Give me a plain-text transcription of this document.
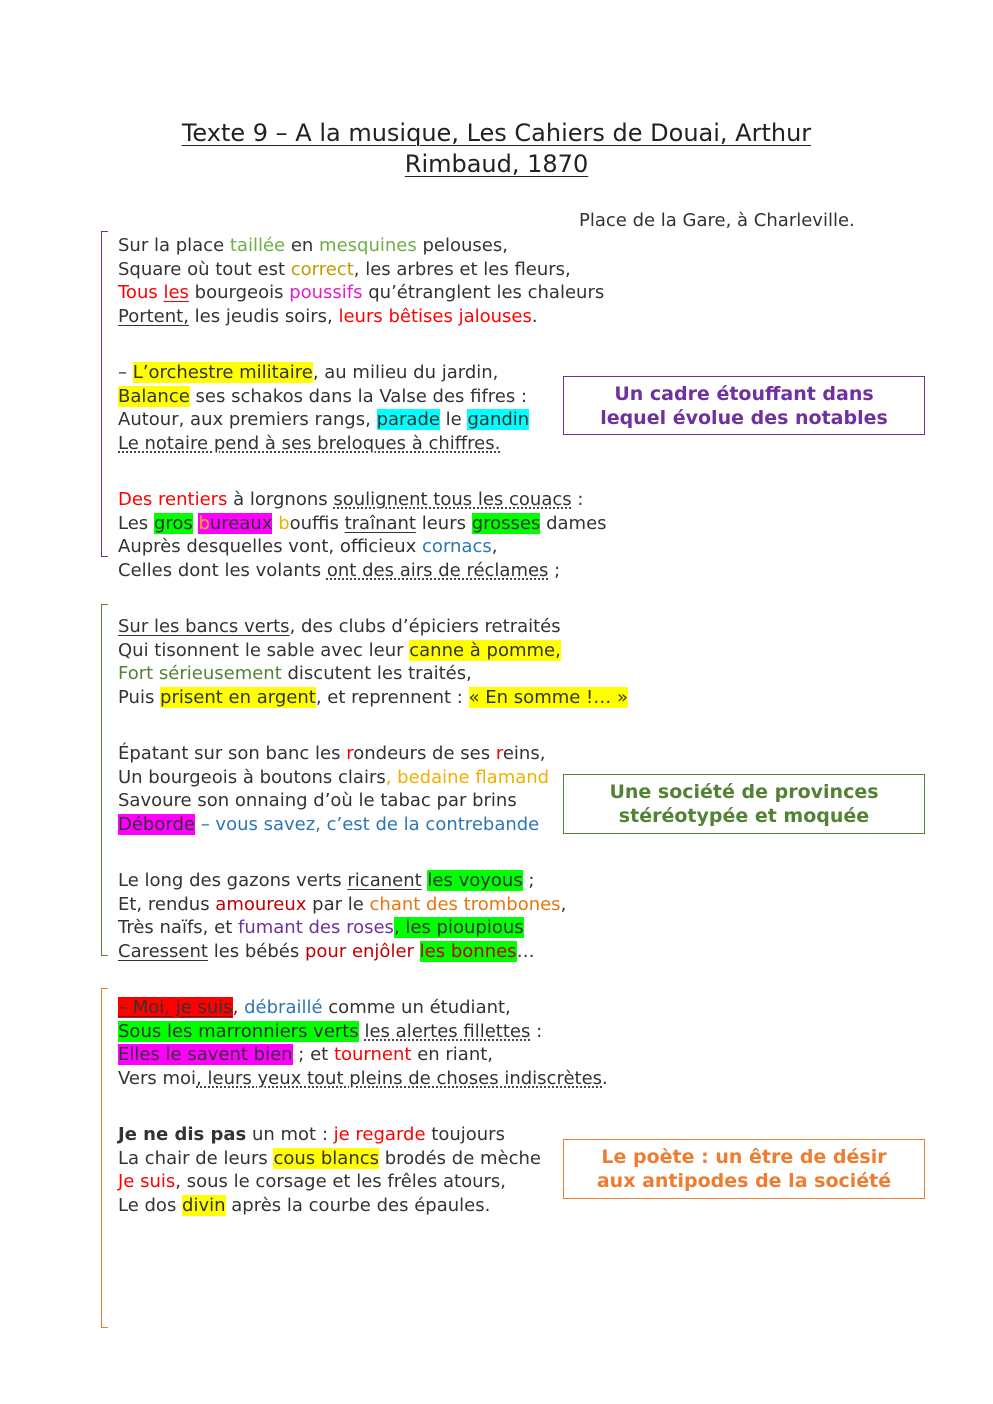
Texte 9 – A la musique, Les Cahiers de Douai, Arthur
Rimbaud, 1870
Place de la Gare, à Charleville.
Sur la place taillée en mesquines pelouses,
Square où tout est correct, les arbres et les fleurs,
Tous les bourgeois poussifs qu’étranglent les chaleurs
Portent, les jeudis soirs, leurs bêtises jalouses.
– L’orchestre militaire, au milieu du jardin,
Balance ses schakos dans la Valse des fifres :
Autour, aux premiers rangs, parade le gandin
Le notaire pend à ses breloques à chiffres.
Des rentiers à lorgnons soulignent tous les couacs :
Les gros bureaux bouffis traînant leurs grosses dames
Auprès desquelles vont, officieux cornacs,
Celles dont les volants ont des airs de réclames ;
Sur les bancs verts, des clubs d’épiciers retraités
Qui tisonnent le sable avec leur canne à pomme,
Fort sérieusement discutent les traités,
Puis prisent en argent, et reprennent : « En somme !… »
Épatant sur son banc les rondeurs de ses reins,
Un bourgeois à boutons clairs, bedaine flamand
Savoure son onnaing d’où le tabac par brins
Déborde – vous savez, c’est de la contrebande
Le long des gazons verts ricanent les voyous ;
Et, rendus amoureux par le chant des trombones,
Très naïfs, et fumant des roses, les pioupious
Caressent les bébés pour enjôler les bonnes…
– Moi, je suis, débraillé comme un étudiant,
Sous les marronniers verts les alertes fillettes :
Elles le savent bien ; et tournent en riant,
Vers moi, leurs yeux tout pleins de choses indiscrètes.
Je ne dis pas un mot : je regarde toujours
La chair de leurs cous blancs brodés de mèche
Je suis, sous le corsage et les frêles atours,
Le dos divin après la courbe des épaules.
Un cadre étouffant dans
lequel évolue des notables
Une société de provinces
stéréotypée et moquée
Le poète : un être de désir
aux antipodes de la société
